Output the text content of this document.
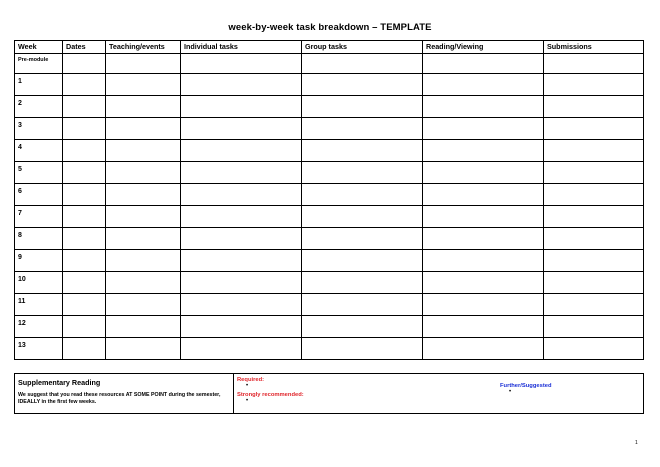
week-by-week task breakdown – TEMPLATE
Week	Dates	Teaching/events	Individual tasks	Group tasks	Reading/Viewing	Submissions
Pre-module						
1						
2						
3						
4						
5						
6						
7						
8						
9						
10						
11						
12						
13						
Supplementary Reading
We suggest that you read these resources AT SOME POINT during the semester, IDEALLY in the first few weeks.

Required:
•
Strongly recommended:
•
Further/Suggested
•
1
